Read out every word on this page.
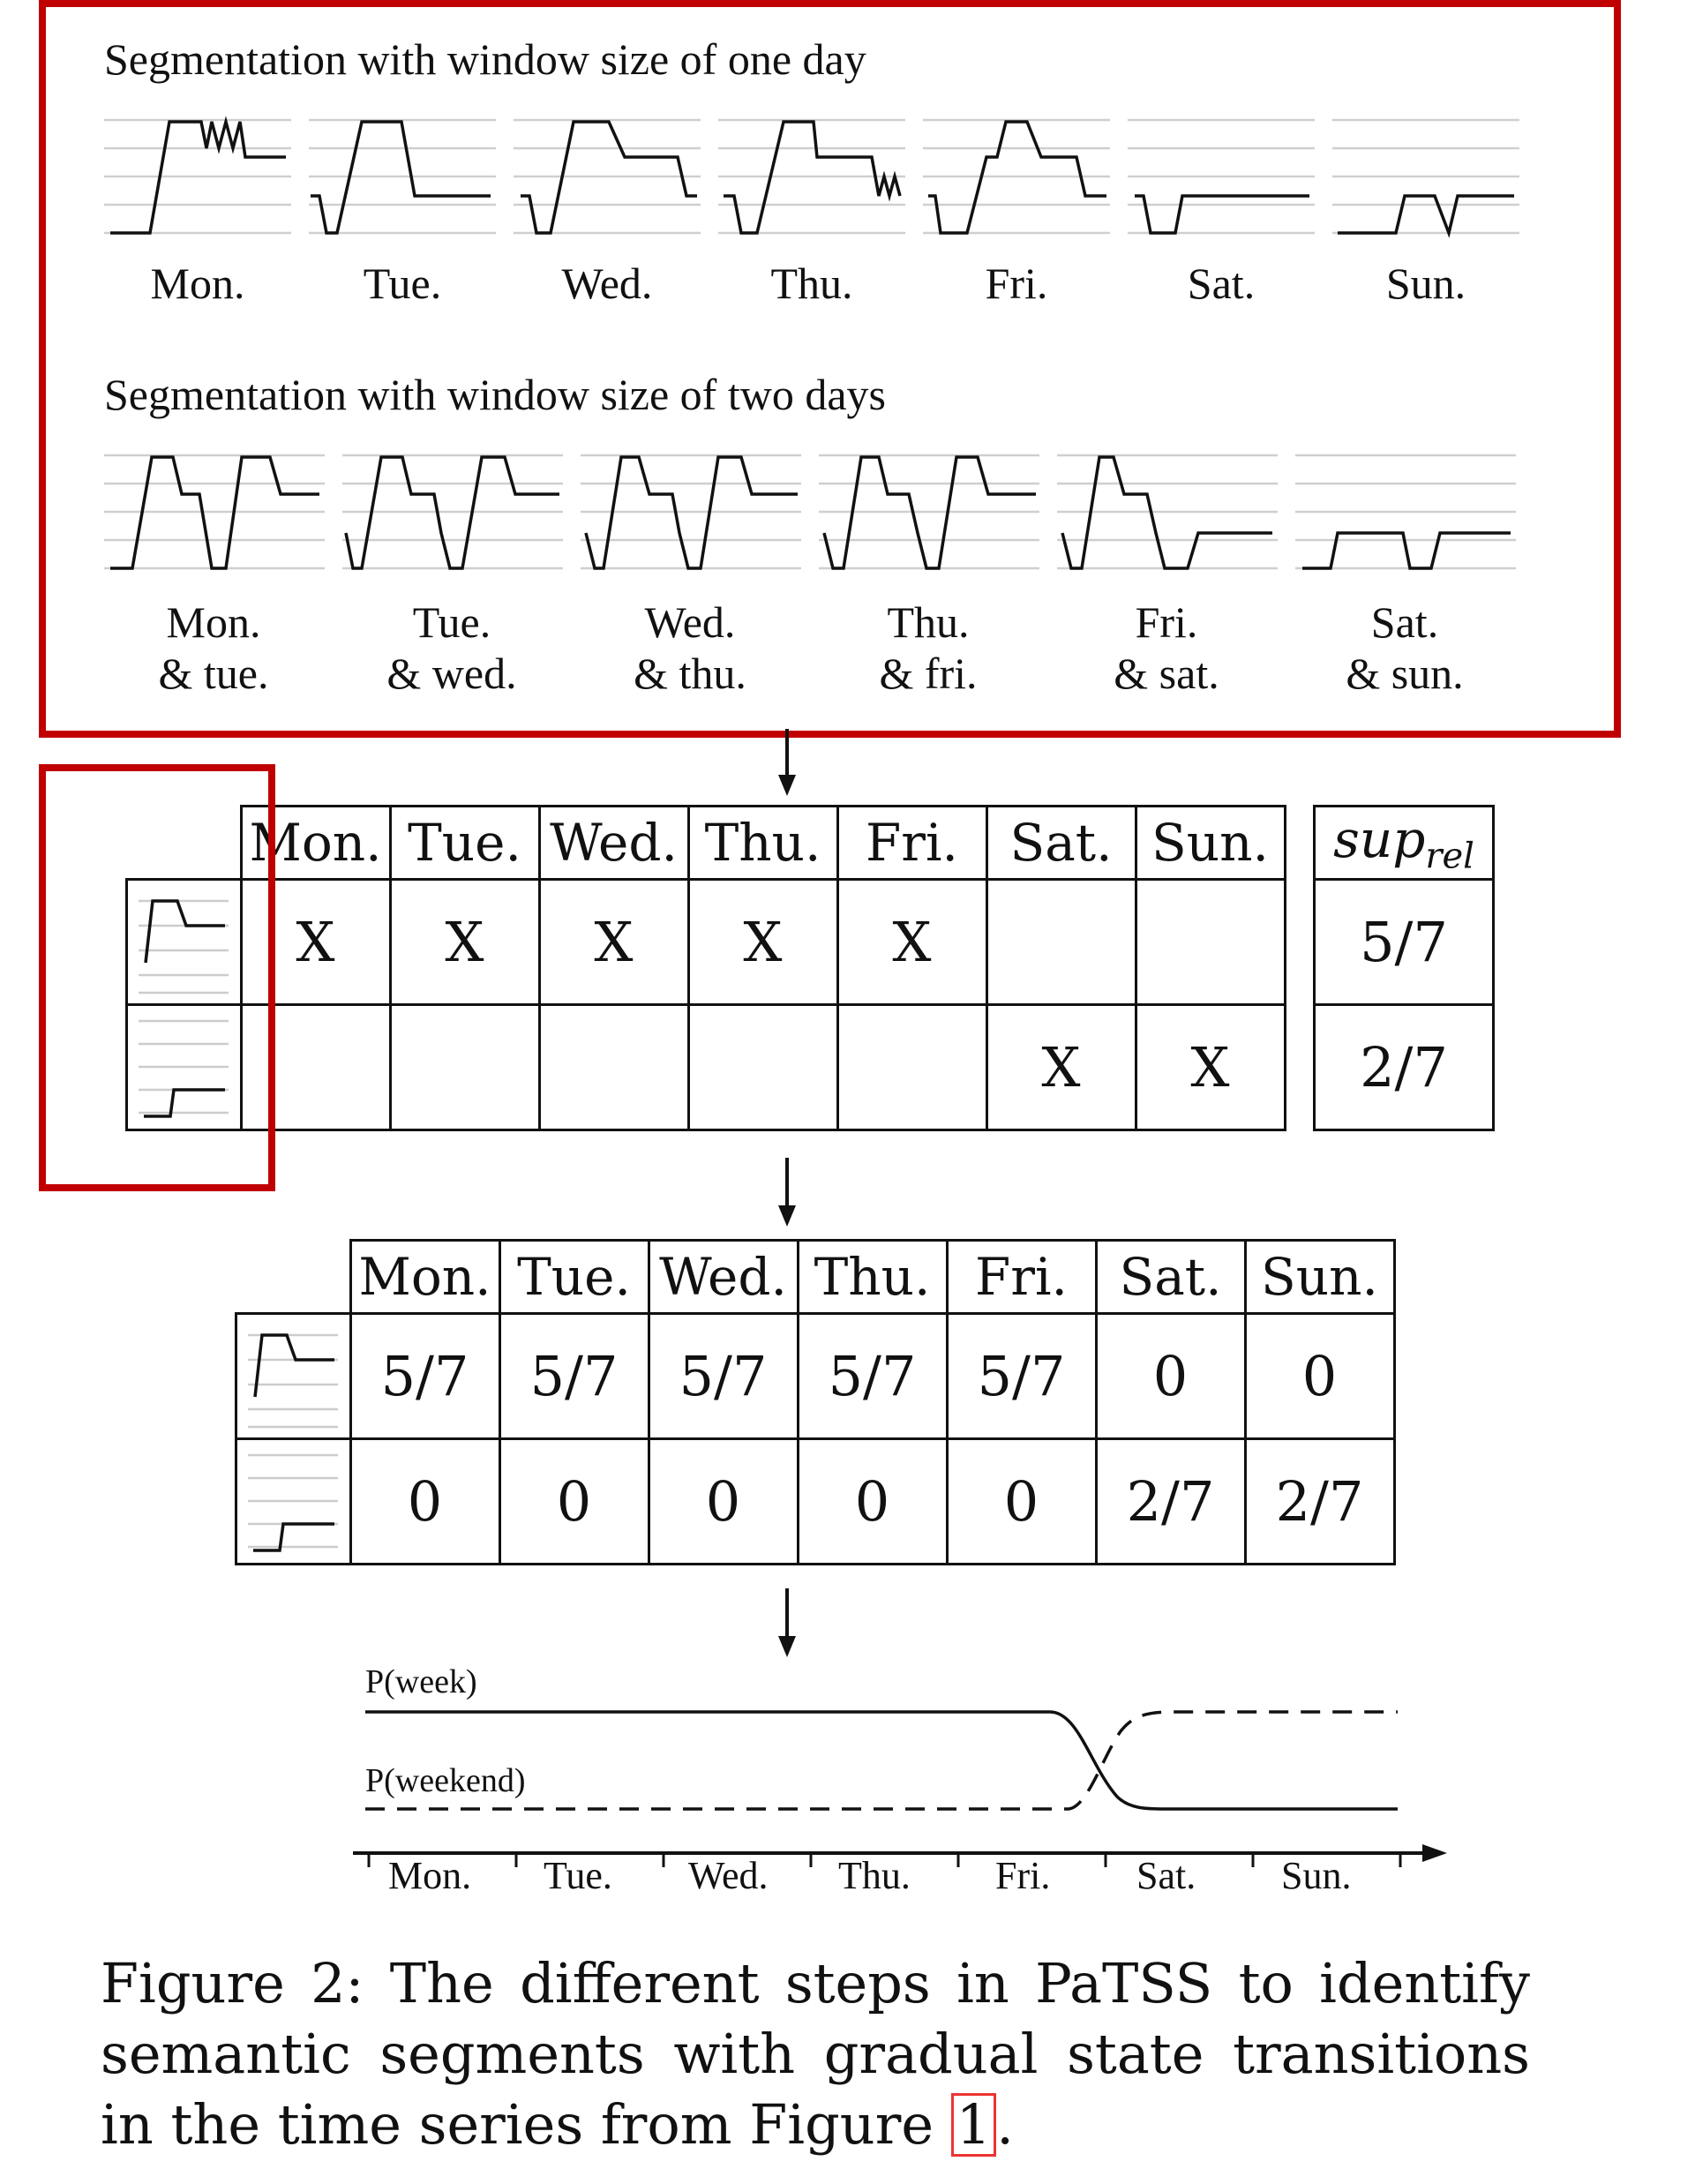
Segmentation with window size of one day
Mon.	Tue.	Wed.	Thu.	Fri.	Sat.	Sun.
Segmentation with window size of two days
Mon.
& tue.
Tue.
& wed.
Wed.
& thu.
Thu.
& fri.
Fri.
& sat.
Sat.
& sun.
	Mon.	Tue.	Wed.	Thu.	Fri.	Sat.	Sun.
	X	X	X	X	X		
						X	X
sup$_{rel}$
5/7
2/7
	Mon.	Tue.	Wed.	Thu.	Fri.	Sat.	Sun.
	5/7	5/7	5/7	5/7	5/7	0	0
	0	0	0	0	0	2/7	2/7
P(week)
P(weekend)
Mon. Tue. Wed. Thu. Fri. Sat. Sun.
Figure 2: The different steps in PaTSS to identify semantic segments with gradual state transitions in the time series from Figure 1.
